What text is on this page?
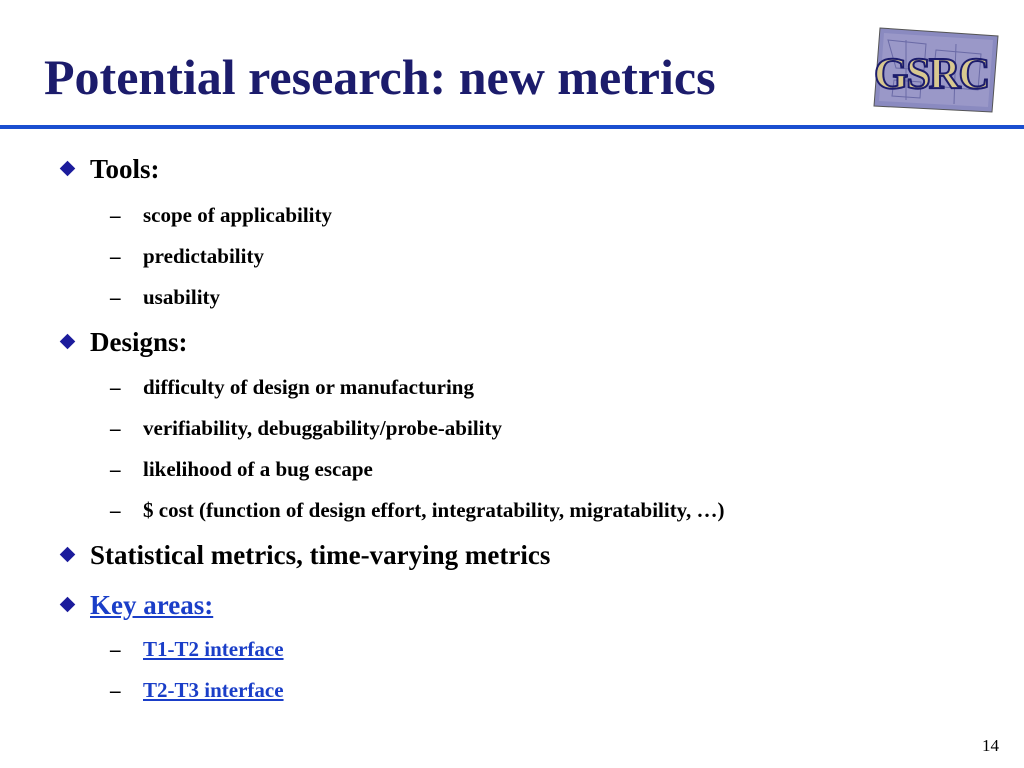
Potential research: new metrics	GSRC
Tools:
– scope of applicability
– predictability
– usability
Designs:
– difficulty of design or manufacturing
– verifiability, debuggability/probe-ability
– likelihood of a bug escape
– $ cost (function of design effort, integratability, migratability, …)
Statistical metrics, time-varying metrics
Key areas:
– T1-T2 interface
– T2-T3 interface
14
